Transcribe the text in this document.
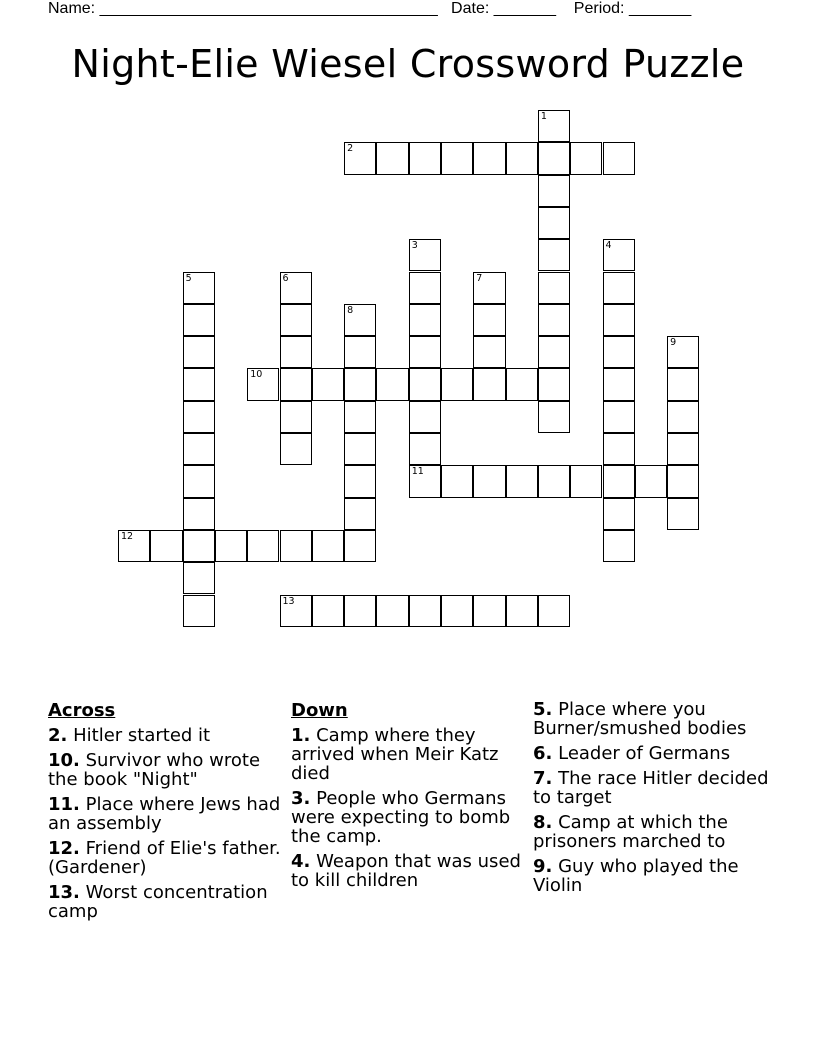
Name: ______________________________________   Date: _______    Period: _______
Night-Elie Wiesel Crossword Puzzle
1
2
3	4
5	6	7
8
9
10
11
12
13
Across
2. Hitler started it
10. Survivor who wrote the book "Night"
11. Place where Jews had an assembly
12. Friend of Elie's father. (Gardener)
13. Worst concentration camp
Down
1. Camp where they arrived when Meir Katz died
3. People who Germans were expecting to bomb the camp.
4. Weapon that was used to kill children
5. Place where you Burner/smushed bodies
6. Leader of Germans
7. The race Hitler decided to target
8. Camp at which the prisoners marched to
9. Guy who played the Violin
